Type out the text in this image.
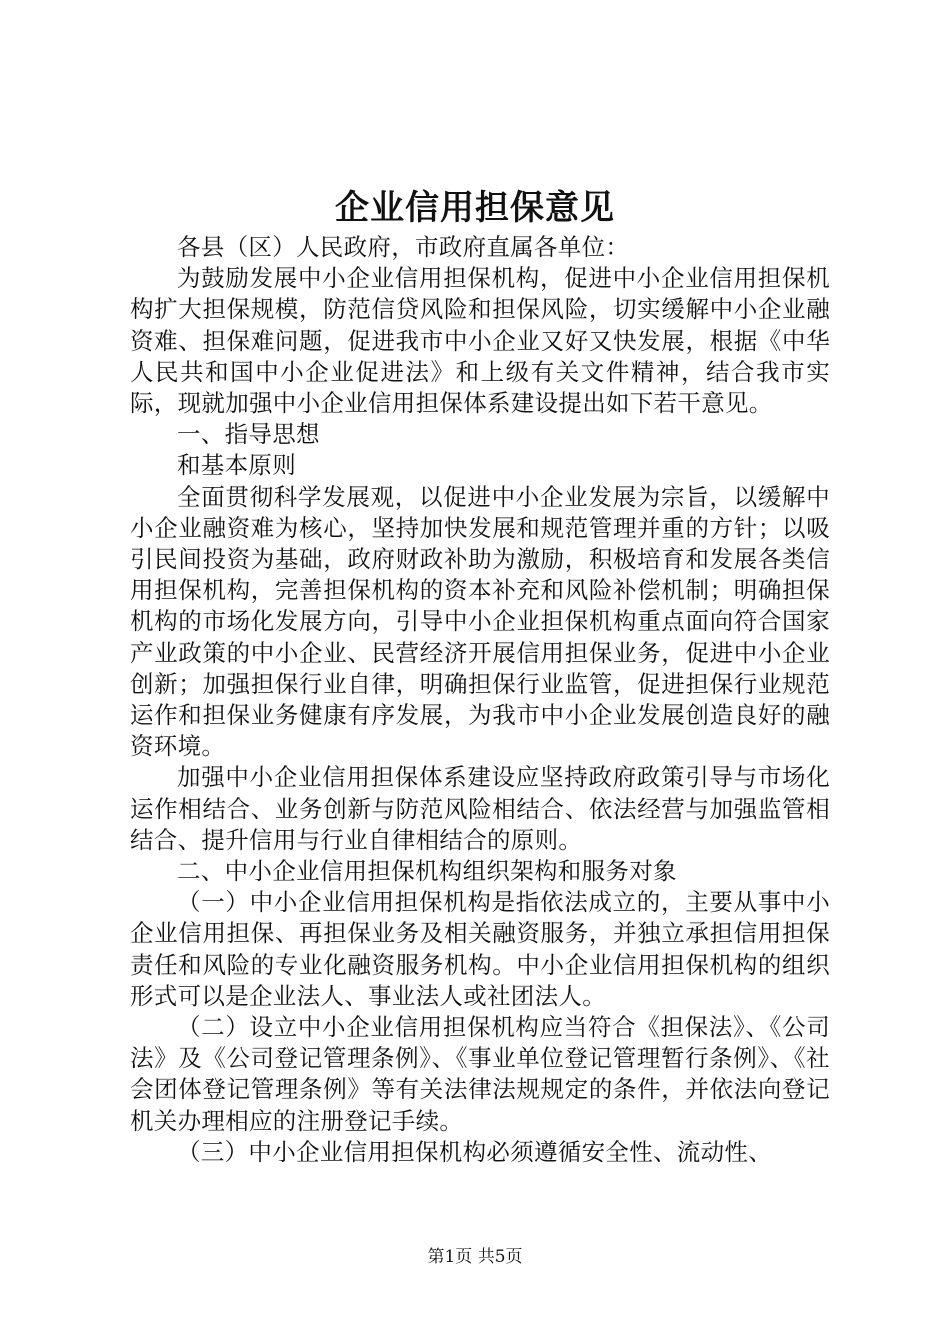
企业信用担保意见

各县（区）人民政府，市政府直属各单位：

为鼓励发展中小企业信用担保机构，促进中小企业信用担保机构扩大担保规模，防范信贷风险和担保风险，切实缓解中小企业融资难、担保难问题，促进我市中小企业又好又快发展，根据《中华人民共和国中小企业促进法》和上级有关文件精神，结合我市实际，现就加强中小企业信用担保体系建设提出如下若干意见。

一、指导思想

和基本原则

全面贯彻科学发展观，以促进中小企业发展为宗旨，以缓解中小企业融资难为核心，坚持加快发展和规范管理并重的方针；以吸引民间投资为基础，政府财政补助为激励，积极培育和发展各类信用担保机构，完善担保机构的资本补充和风险补偿机制；明确担保机构的市场化发展方向，引导中小企业担保机构重点面向符合国家产业政策的中小企业、民营经济开展信用担保业务，促进中小企业创新；加强担保行业自律，明确担保行业监管，促进担保行业规范运作和担保业务健康有序发展，为我市中小企业发展创造良好的融资环境。

加强中小企业信用担保体系建设应坚持政府政策引导与市场化运作相结合、业务创新与防范风险相结合、依法经营与加强监管相结合、提升信用与行业自律相结合的原则。

二、中小企业信用担保机构组织架构和服务对象

（一）中小企业信用担保机构是指依法成立的，主要从事中小企业信用担保、再担保业务及相关融资服务，并独立承担信用担保责任和风险的专业化融资服务机构。中小企业信用担保机构的组织形式可以是企业法人、事业法人或社团法人。

（二）设立中小企业信用担保机构应当符合《担保法》、《公司法》及《公司登记管理条例》、《事业单位登记管理暂行条例》、《社会团体登记管理条例》等有关法律法规规定的条件，并依法向登记机关办理相应的注册登记手续。

（三）中小企业信用担保机构必须遵循安全性、流动性、

第1页 共5页
